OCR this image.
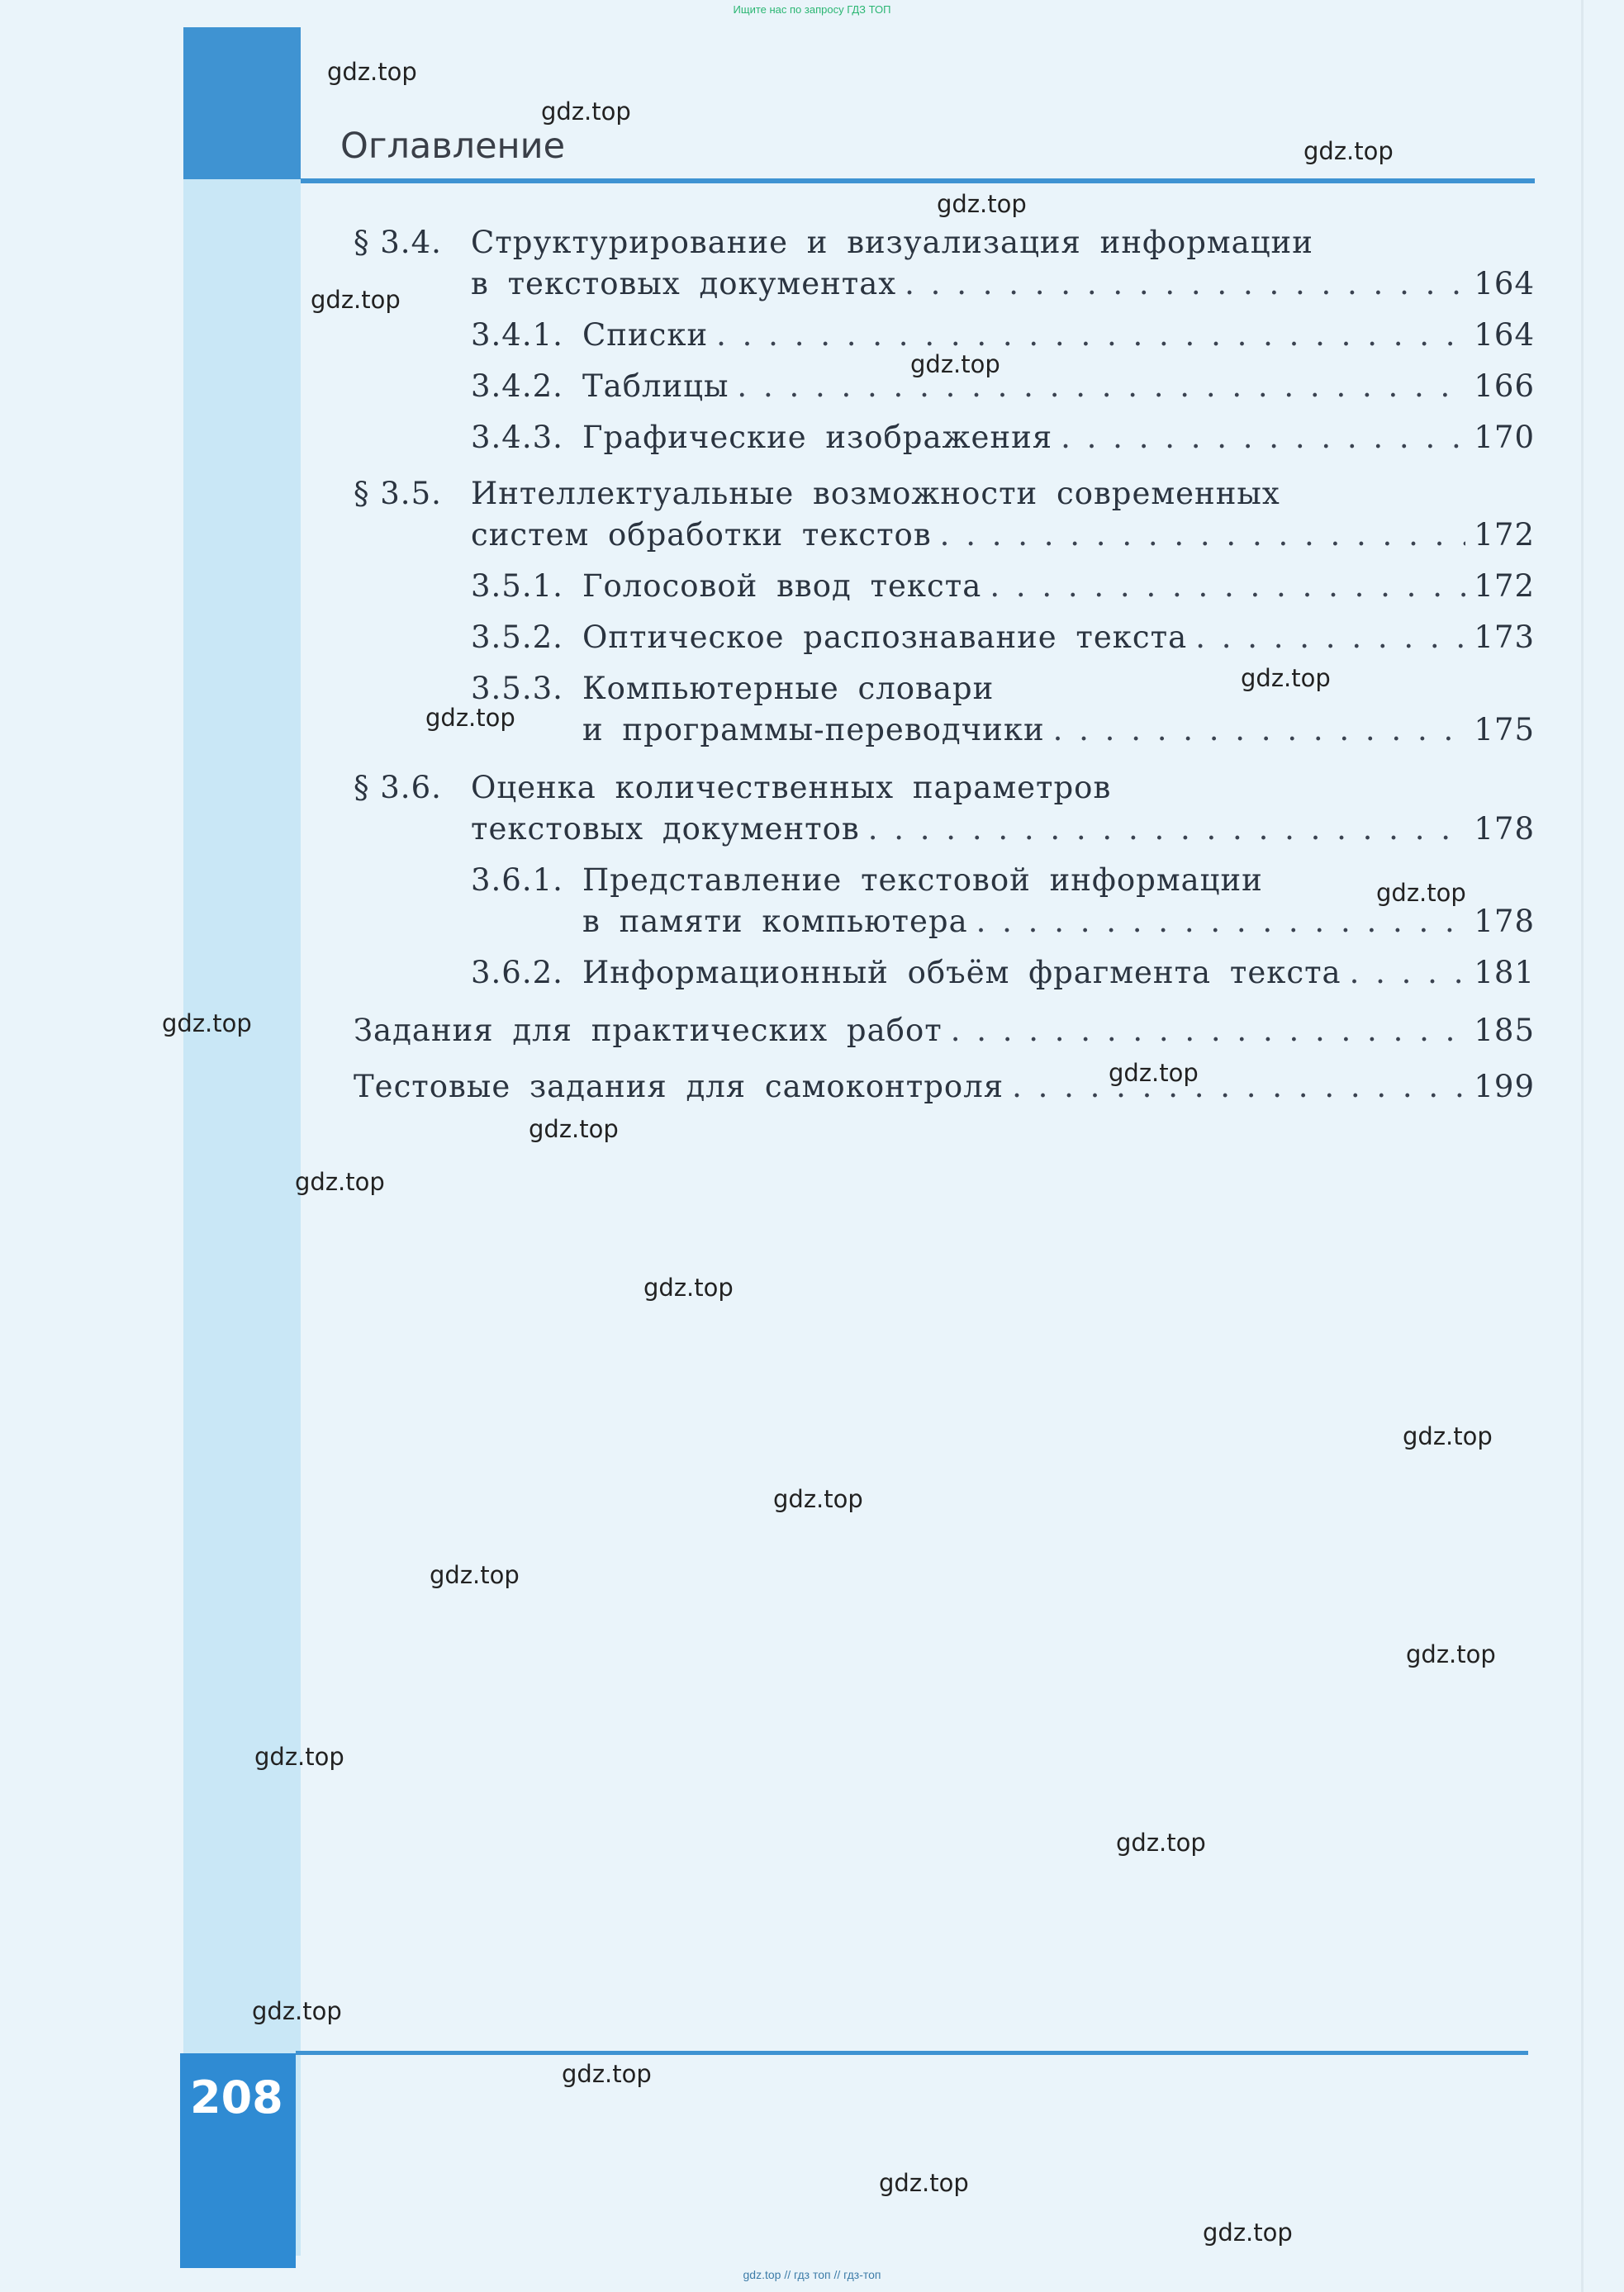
Ищите нас по запросу ГДЗ ТОП
Оглавление
§ 3.4. Структурирование и визуализация информации
в текстовых документах . . .	164
3.4.1. Списки . . .	164
3.4.2. Таблицы . . .	166
3.4.3. Графические изображения . . .	170
§ 3.5. Интеллектуальные возможности современных
систем обработки текстов . . .	172
3.5.1. Голосовой ввод текста . . .	172
3.5.2. Оптическое распознавание текста . . .	173
3.5.3. Компьютерные словари
и программы-переводчики . . .	175
§ 3.6. Оценка количественных параметров
текстовых документов . . .	178
3.6.1. Представление текстовой информации
в памяти компьютера . . .	178
3.6.2. Информационный объём фрагмента текста . . .	181
Задания для практических работ . . .	185
Тестовые задания для самоконтроля . . .	199
gdz.top
gdz.top
gdz.top
gdz.top
gdz.top
gdz.top
gdz.top
gdz.top
gdz.top
gdz.top
gdz.top
gdz.top
gdz.top
gdz.top
gdz.top
gdz.top
gdz.top
gdz.top
gdz.top
gdz.top
gdz.top
gdz.top
gdz.top
gdz.top
208
gdz.top // гдз топ // гдз-топ
